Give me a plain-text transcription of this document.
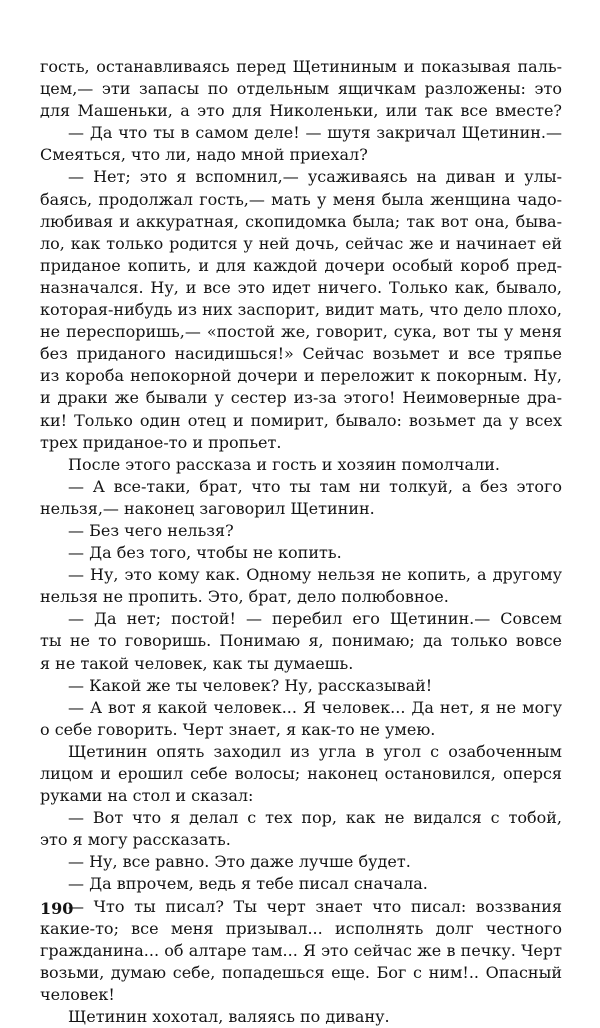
гость, останавливаясь перед Щетининым и показывая паль-
цем,— эти запасы по отдельным ящичкам разложены: это
для Машеньки, а это для Николеньки, или так все вместе?
— Да что ты в самом деле! — шутя закричал Щетинин.—
Смеяться, что ли, надо мной приехал?
— Нет; это я вспомнил,— усаживаясь на диван и улы-
баясь, продолжал гость,— мать у меня была женщина чадо-
любивая и аккуратная, скопидомка была; так вот она, быва-
ло, как только родится у ней дочь, сейчас же и начинает ей
приданое копить, и для каждой дочери особый короб пред-
назначался. Ну, и все это идет ничего. Только как, бывало,
которая-нибудь из них заспорит, видит мать, что дело плохо,
не переспоришь,— «постой же, говорит, сука, вот ты у меня
без приданого насидишься!» Сейчас возьмет и все тряпье
из короба непокорной дочери и переложит к покорным. Ну,
и драки же бывали у сестер из-за этого! Неимоверные дра-
ки! Только один отец и помирит, бывало: возьмет да у всех
трех приданое-то и пропьет.
После этого рассказа и гость и хозяин помолчали.
— А все-таки, брат, что ты там ни толкуй, а без этого
нельзя,— наконец заговорил Щетинин.
— Без чего нельзя?
— Да без того, чтобы не копить.
— Ну, это кому как. Одному нельзя не копить, а другому
нельзя не пропить. Это, брат, дело полюбовное.
— Да нет; постой! — перебил его Щетинин.— Совсем
ты не то говоришь. Понимаю я, понимаю; да только вовсе
я не такой человек, как ты думаешь.
— Какой же ты человек? Ну, рассказывай!
— А вот я какой человек... Я человек... Да нет, я не могу
о себе говорить. Черт знает, я как-то не умею.
Щетинин опять заходил из угла в угол с озабоченным
лицом и ерошил себе волосы; наконец остановился, оперся
руками на стол и сказал:
— Вот что я делал с тех пор, как не видался с тобой,
это я могу рассказать.
— Ну, все равно. Это даже лучше будет.
— Да впрочем, ведь я тебе писал сначала.
— Что ты писал? Ты черт знает что писал: воззвания
какие-то; все меня призывал... исполнять долг честного
гражданина... об алтаре там... Я это сейчас же в печку. Черт
возьми, думаю себе, попадешься еще. Бог с ним!.. Опасный
человек!
Щетинин хохотал, валяясь по дивану.
190
